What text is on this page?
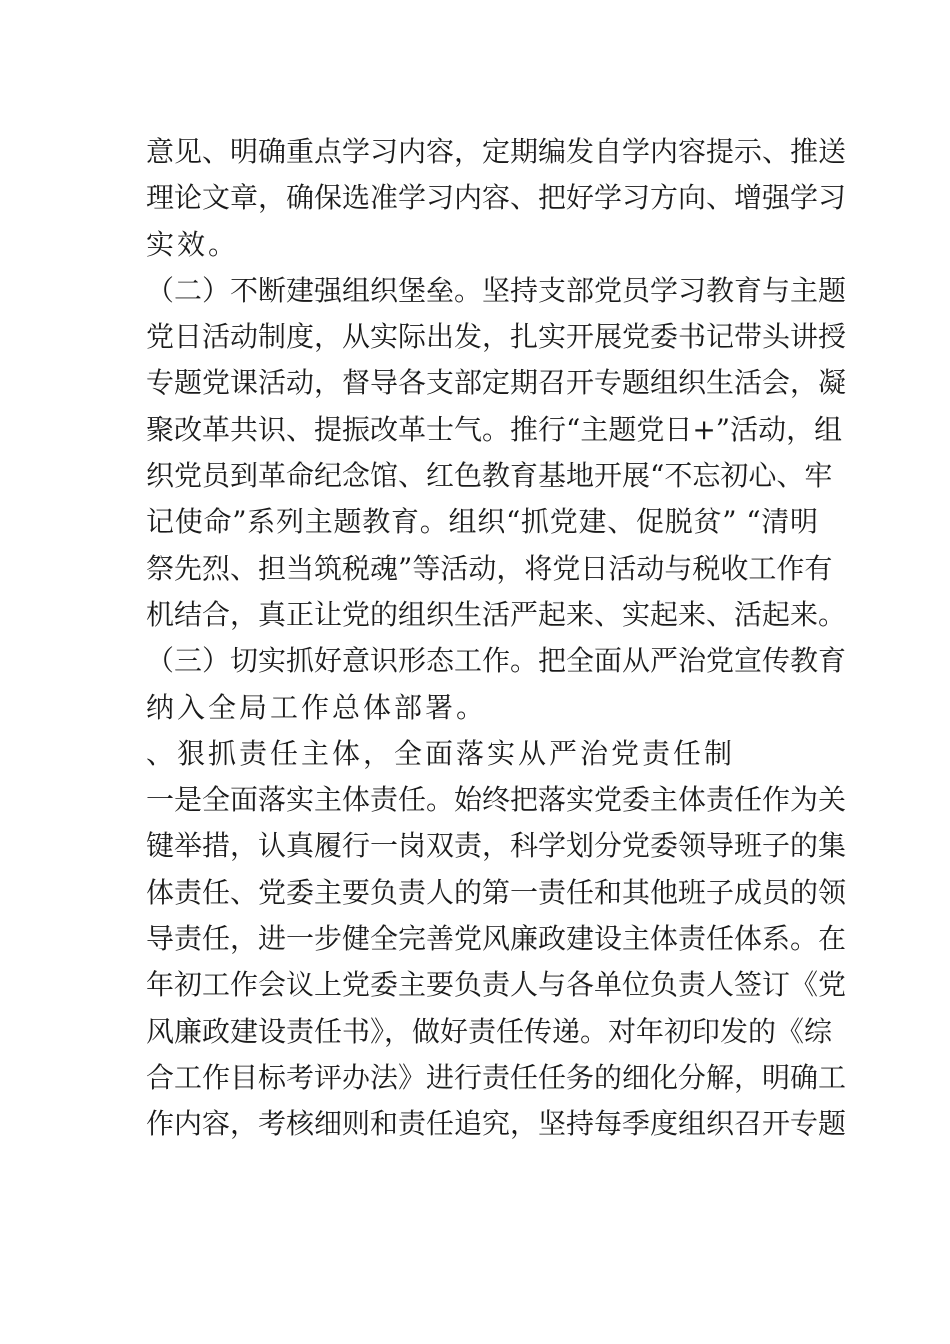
意见、明确重点学习内容，定期编发自学内容提示、推送
理论文章，确保选准学习内容、把好学习方向、增强学习
实效。
（二）不断建强组织堡垒。坚持支部党员学习教育与主题
党日活动制度，从实际出发，扎实开展党委书记带头讲授
专题党课活动，督导各支部定期召开专题组织生活会，凝
聚改革共识、提振改革士气。推行“主题党日+”活动，组
织党员到革命纪念馆、红色教育基地开展“不忘初心、牢
记使命”系列主题教育。组织“抓党建、促脱贫” “清明
祭先烈、担当筑税魂”等活动，将党日活动与税收工作有
机结合，真正让党的组织生活严起来、实起来、活起来。
（三）切实抓好意识形态工作。把全面从严治党宣传教育
纳入全局工作总体部署。
、狠抓责任主体，全面落实从严治党责任制
一是全面落实主体责任。始终把落实党委主体责任作为关
键举措，认真履行一岗双责，科学划分党委领导班子的集
体责任、党委主要负责人的第一责任和其他班子成员的领
导责任，进一步健全完善党风廉政建设主体责任体系。在
年初工作会议上党委主要负责人与各单位负责人签订《党
风廉政建设责任书》，做好责任传递。对年初印发的《综
合工作目标考评办法》进行责任任务的细化分解，明确工
作内容，考核细则和责任追究，坚持每季度组织召开专题
